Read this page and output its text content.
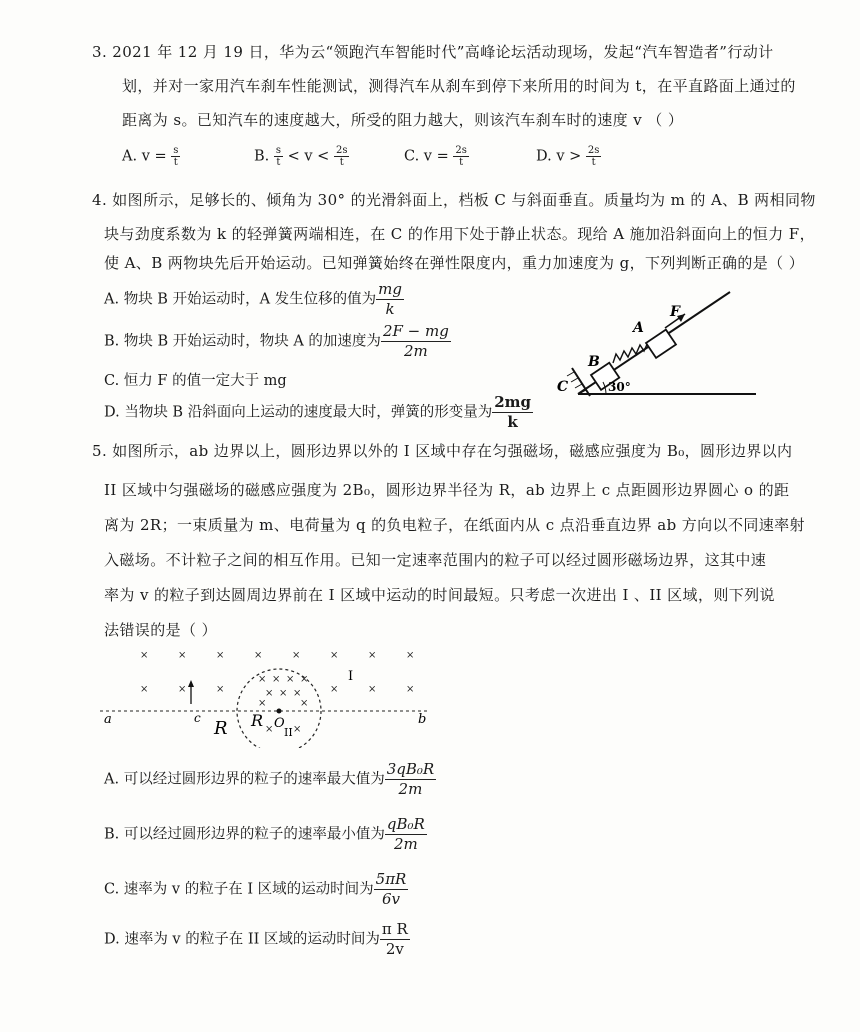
3. 2021 年 12 月 19 日，华为云“领跑汽车智能时代”高峰论坛活动现场，发起“汽车智造者”行动计
划，并对一家用汽车刹车性能测试，测得汽车从刹车到停下来所用的时间为 t，在平直路面上通过的
距离为 s。已知汽车的速度越大，所受的阻力越大，则该汽车刹车时的速度 v （ ）
A. $v = \frac{s}{t}$	B. $\frac{s}{t} < v < \frac{2s}{t}$	C. $v = \frac{2s}{t}$	D. $v > \frac{2s}{t}$
4. 如图所示，足够长的、倾角为 30° 的光滑斜面上，档板 C 与斜面垂直。质量均为 m 的 A、B 两相同物
块与劲度系数为 k 的轻弹簧两端相连，在 C 的作用下处于静止状态。现给 A 施加沿斜面向上的恒力 F，
使 A、B 两物块先后开始运动。已知弹簧始终在弹性限度内，重力加速度为 g，下列判断正确的是（ ）
A. 物块 B 开始运动时，A 发生位移的值为 $\frac{mg}{k}$
B. 物块 B 开始运动时，物块 A 的加速度为 $\frac{2F - mg}{2m}$
C. 恒力 F 的值一定大于 mg
D. 当物块 B 沿斜面向上运动的速度最大时，弹簧的形变量为 $\frac{2mg}{k}$
B
C
A
F
30°
5. 如图所示，ab 边界以上，圆形边界以外的 I 区域中存在匀强磁场，磁感应强度为 B₀，圆形边界以内
II 区域中匀强磁场的磁感应强度为 2B₀，圆形边界半径为 R，ab 边界上 c 点距圆形边界圆心 o 的距
离为 2R；一束质量为 m、电荷量为 q 的负电粒子，在纸面内从 c 点沿垂直边界 ab 方向以不同速率射
入磁场。不计粒子之间的相互作用。已知一定速率范围内的粒子可以经过圆形磁场边界，这其中速
率为 v 的粒子到达圆周边界前在 I 区域中运动的时间最短。只考虑一次进出 I 、II 区域，则下列说
法错误的是（ ）
×	×	×	×	×	×	×	×
×	×	×	×	×	×
× × × ×
× × ×
×	×
× ×
a	b
c	O
I
II
R R
A. 可以经过圆形边界的粒子的速率最大值为 $\frac{\text{3qB₀R}}{2m}$
B. 可以经过圆形边界的粒子的速率最小值为 $\frac{\text{qB₀R}}{2m}$
C. 速率为 v 的粒子在 I 区域的运动时间为 $\frac{5\pi R}{6v}$
D. 速率为 v 的粒子在 II 区域的运动时间为 $\frac{\text{π R}}{2v}$
